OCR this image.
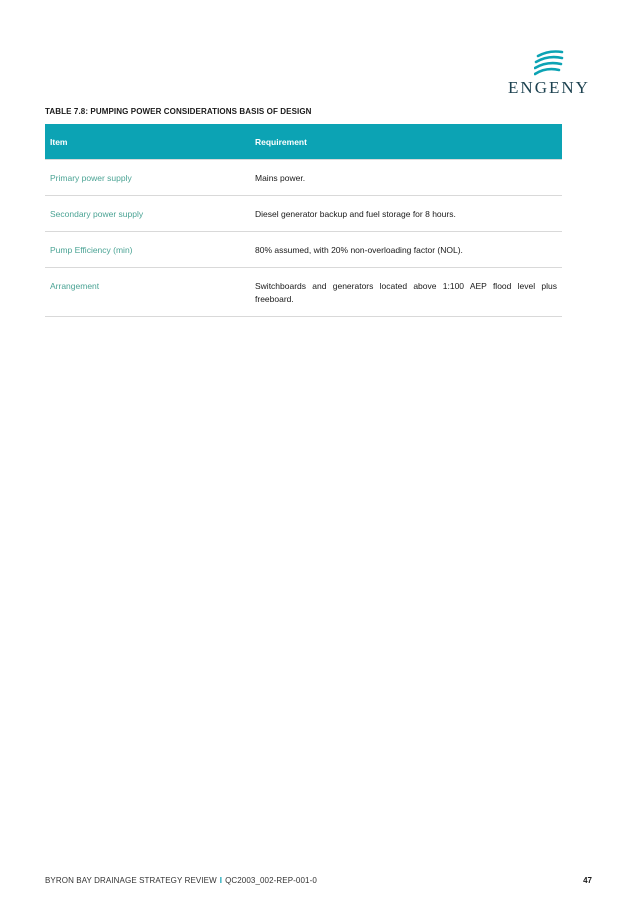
ENGENY
TABLE 7.8: PUMPING POWER CONSIDERATIONS BASIS OF DESIGN
Item	Requirement
Primary power supply	Mains power.
Secondary power supply	Diesel generator backup and fuel storage for 8 hours.
Pump Efficiency (min)	80% assumed, with 20% non-overloading factor (NOL).
Arrangement	Switchboards and generators located above 1:100 AEP flood level plus freeboard.
BYRON BAY DRAINAGE STRATEGY REVIEW I QC2003_002-REP-001-0	47
